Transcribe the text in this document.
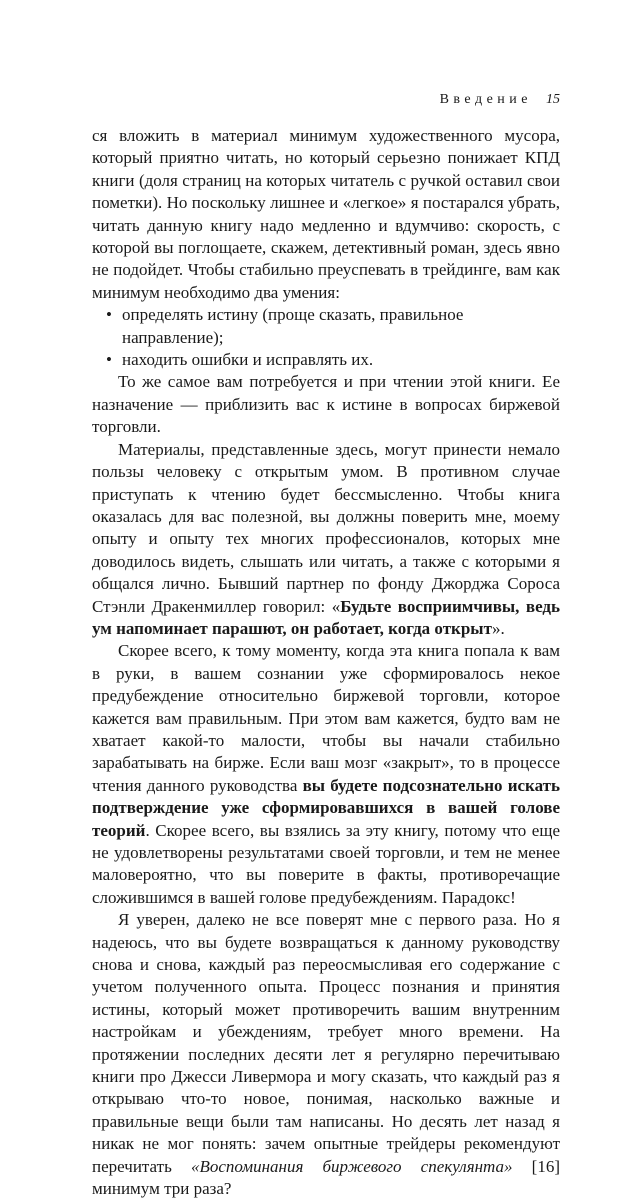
Введение 15

ся вложить в материал минимум художественного мусора, который приятно читать, но который серьезно понижает КПД книги (доля страниц на которых читатель с ручкой оставил свои пометки). Но поскольку лишнее и «легкое» я постарался убрать, читать данную книгу надо медленно и вдумчиво: скорость, с которой вы поглощаете, скажем, детективный роман, здесь явно не подойдет. Чтобы стабильно преуспевать в трейдинге, вам как минимум необходимо два умения:

• определять истину (проще сказать, правильное направление);
• находить ошибки и исправлять их.

То же самое вам потребуется и при чтении этой книги. Ее назначение — приблизить вас к истине в вопросах биржевой торговли.

Материалы, представленные здесь, могут принести немало пользы человеку с открытым умом. В противном случае приступать к чтению будет бессмысленно. Чтобы книга оказалась для вас полезной, вы должны поверить мне, моему опыту и опыту тех многих профессионалов, которых мне доводилось видеть, слышать или читать, а также с которыми я общался лично. Бывший партнер по фонду Джорджа Сороса Стэнли Дракенмиллер говорил: «Будьте восприимчивы, ведь ум напоминает парашют, он работает, когда открыт».

Скорее всего, к тому моменту, когда эта книга попала к вам в руки, в вашем сознании уже сформировалось некое предубеждение относительно биржевой торговли, которое кажется вам правильным. При этом вам кажется, будто вам не хватает какой-то малости, чтобы вы начали стабильно зарабатывать на бирже. Если ваш мозг «закрыт», то в процессе чтения данного руководства вы будете подсознательно искать подтверждение уже сформировавшихся в вашей голове теорий. Скорее всего, вы взялись за эту книгу, потому что еще не удовлетворены результатами своей торговли, и тем не менее маловероятно, что вы поверите в факты, противоречащие сложившимся в вашей голове предубеждениям. Парадокс!

Я уверен, далеко не все поверят мне с первого раза. Но я надеюсь, что вы будете возвращаться к данному руководству снова и снова, каждый раз переосмысливая его содержание с учетом полученного опыта. Процесс познания и принятия истины, который может противоречить вашим внутренним настройкам и убеждениям, требует много времени. На протяжении последних десяти лет я регулярно перечитываю книги про Джесси Ливермора и могу сказать, что каждый раз я открываю что-то новое, понимая, насколько важные и правильные вещи были там написаны. Но десять лет назад я никак не мог понять: зачем опытные трейдеры рекомендуют перечитать «Воспоминания биржевого спекулянта» [16] минимум три раза?
